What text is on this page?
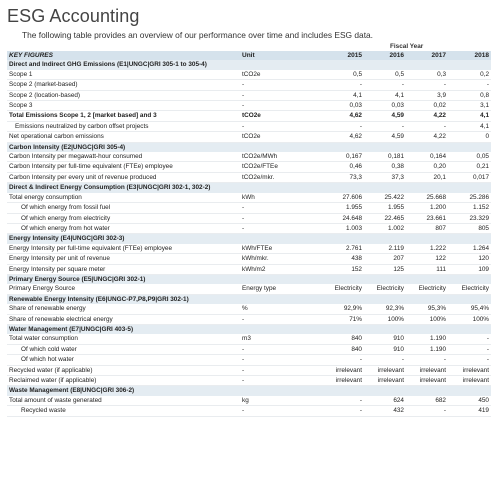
ESG Accounting
The following table provides an overview of our performance over time and includes ESG data.
Fiscal Year
KEY FIGURES	Unit	2015	2016	2017	2018
Direct and Indirect GHG Emissions (E1|UNGC|GRI 305-1 to 305-4)					
Scope 1	tCO2e	0,5	0,5	0,3	0,2
Scope 2 (market-based)	-	-	-	-	-
Scope 2 (location-based)	-	4,1	4,1	3,9	0,8
Scope 3	-	0,03	0,03	0,02	3,1
Total Emissions Scope 1, 2 [market based] and 3	tCO2e	4,62	4,59	4,22	4,1
Emissions neutralized by carbon offset projects	-	-	-	-	4,1
Net operational carbon emissions	tCO2e	4,62	4,59	4,22	0
Carbon Intensity (E2|UNGC|GRI 305-4)					
Carbon Intensity per megawatt-hour consumed	tCO2e/MWh	0,167	0,181	0,164	0,05
Carbon Intensity per full-time equivalent (FTEe) employee	tCO2e/FTEe	0,46	0,38	0,20	0,21
Carbon Intensity per every unit of revenue produced	tCO2e/mkr.	73,3	37,3	20,1	0,017
Direct & Indirect Energy Consumption (E3|UNGC|GRI 302-1, 302-2)					
Total energy consumption	kWh	27.606	25.422	25.668	25.286
Of which energy from fossil fuel	-	1.955	1.955	1.200	1.152
Of which energy from electricity	-	24.648	22.465	23.661	23.329
Of which energy from hot water	-	1.003	1.002	807	805
Energy Intensity (E4|UNGC|GRI 302-3)					
Energy Intensity per full-time equivalent (FTEe) employee	kWh/FTEe	2.761	2.119	1.222	1.264
Energy Intensity per unit of revenue	kWh/mkr.	438	207	122	120
Energy Intensity per square meter	kWh/m2	152	125	111	109
Primary Energy Source (E5|UNGC|GRI 302-1)					
Primary Energy Source	Energy type	Electricity	Electricity	Electricity	Electricity
Renewable Energy Intensity (E6|UNGC-P7,P8,P9|GRI 302-1)					
Share of renewable energy	%	92,9%	92,3%	95,3%	95,4%
Share of renewable electrical energy	-	71%	100%	100%	100%
Water Management (E7|UNGC|GRI 403-5)					
Total water consumption	m3	840	910	1.190	-
Of which cold water	-	840	910	1.190	-
Of which hot water	-	-	-	-	-
Recycled water (if applicable)	-	irrelevant	irrelevant	irrelevant	irrelevant
Reclaimed water (if applicable)	-	irrelevant	irrelevant	irrelevant	irrelevant
Waste Management (E8|UNGC|GRI 306-2)					
Total amount of waste generated	kg	-	624	682	450
Recycled waste	-	-	432	-	419
